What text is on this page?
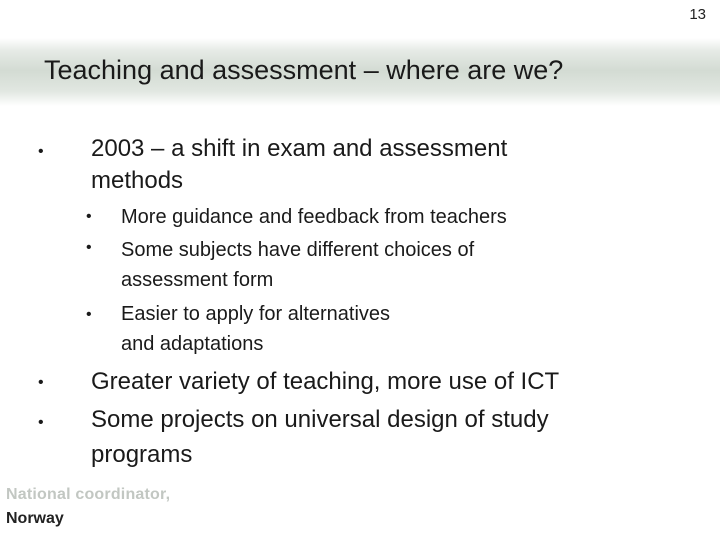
13
Teaching and assessment – where are we?
• 2003 – a shift in exam and assessment
methods
• More guidance and feedback from teachers
• Some subjects have different choices of
assessment form
• Easier to apply for alternatives
and adaptations
• Greater variety of teaching, more use of ICT
• Some projects on universal design of study
programs
National coordinator,
Norway
